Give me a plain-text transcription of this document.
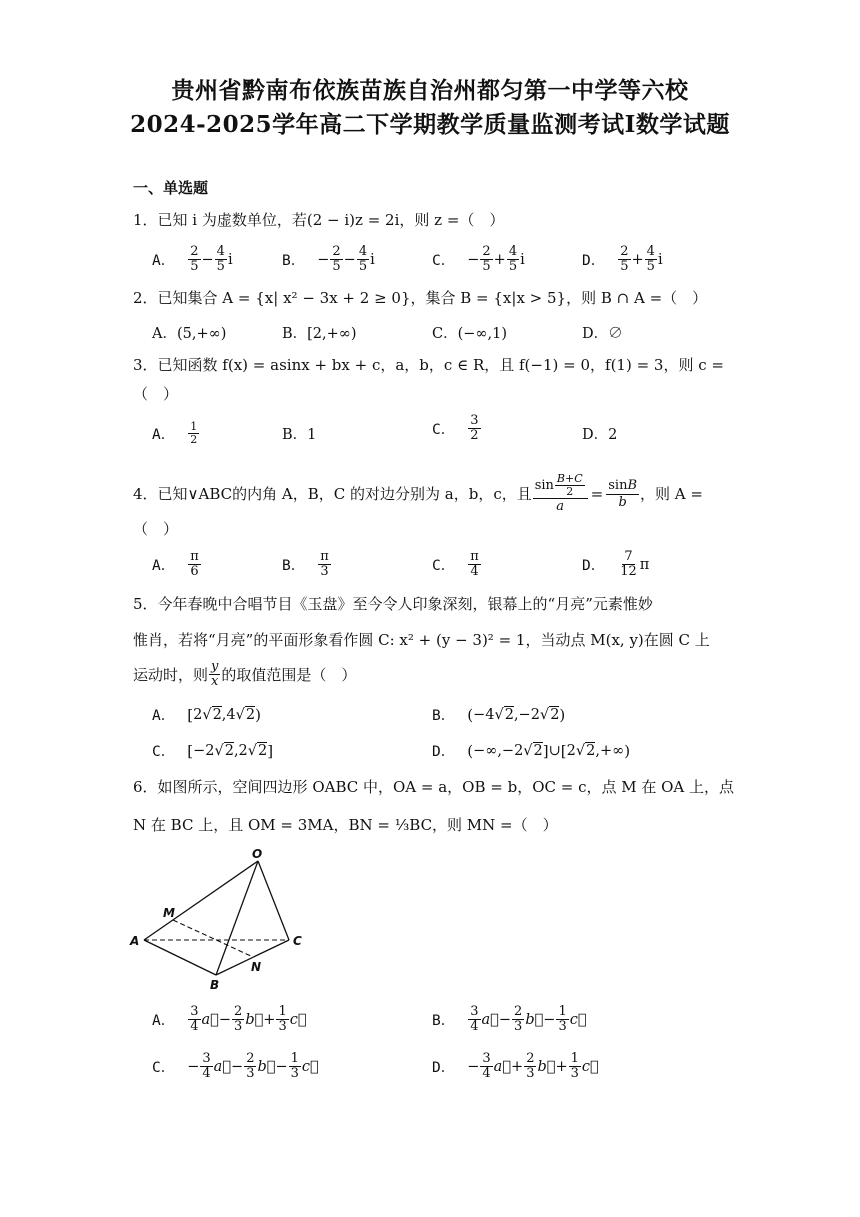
贵州省黔南布依族苗族自治州都匀第一中学等六校
2024-2025学年高二下学期教学质量监测考试Ⅰ数学试题
一、单选题
1．已知 i 为虚数单位，若(2 − i)z = 2i，则 z =（　）
A． $\frac{2}{5} - \frac{4}{5}$ i	B． − $\frac{2}{5} - \frac{4}{5}$ i	C． − $\frac{2}{5} + \frac{4}{5}$ i	D． $\frac{2}{5} + \frac{4}{5}$ i
2．已知集合 A = {x| x² − 3x + 2 ≥ 0}，集合 B = {x|x > 5}，则 B ∩ A =（　）
A．(5,+∞)	B．[2,+∞)	C．(−∞,1)	D．∅
3．已知函数 f(x) = asinx + bx + c，a，b，c ∈ R，且 f(−1) = 0，f(1) = 3，则 c =
（　）
A． $\frac{1}{2}$	B．1	C． $\frac{3}{2}$	D．2
4．已知∨ABC的内角 A，B，C 的对边分别为 a，b，c，且 $\frac{\sin \frac{B+C}{2}}{a} = \frac{\sin B}{b}$ ，则 A =
（　）
A． $\frac{\pi}{6}$	B． $\frac{\pi}{3}$	C． $\frac{\pi}{4}$	D． $\frac{7}{12}$ π
5．今年春晚中合唱节目《玉盘》至今令人印象深刻，银幕上的“月亮”元素惟妙
惟肖，若将“月亮”的平面形象看作圆 C: x² + (y − 3)² = 1，当动点 M(x, y)在圆 C 上
运动时，则 $\frac{y}{x}$ 的取值范围是（　）
A． [ 2√ 2 ,4√ 2 )	B． ( −4√ 2 ,−2√ 2 )
C． [ −2√ 2 ,2√ 2 ]	D． ( −∞,−2√ 2 ] ∪ [ 2√ 2 ,+∞ )
6．如图所示，空间四边形 OABC 中，OA = a，OB = b，OC = c，点 M 在 OA 上，点
N 在 BC 上，且 OM = 3MA，BN = ⅓BC，则 MN =（　）
O
M
A	C
N
B
A． $\frac{3}{4}$ a⃗ − $\frac{2}{3}$ b⃗ + $\frac{1}{3}$ c⃗	B． $\frac{3}{4}$ a⃗ − $\frac{2}{3}$ b⃗ − $\frac{1}{3}$ c⃗
C． − $\frac{3}{4}$ a⃗ − $\frac{2}{3}$ b⃗ − $\frac{1}{3}$ c⃗	D． − $\frac{3}{4}$ a⃗ + $\frac{2}{3}$ b⃗ + $\frac{1}{3}$ c⃗
